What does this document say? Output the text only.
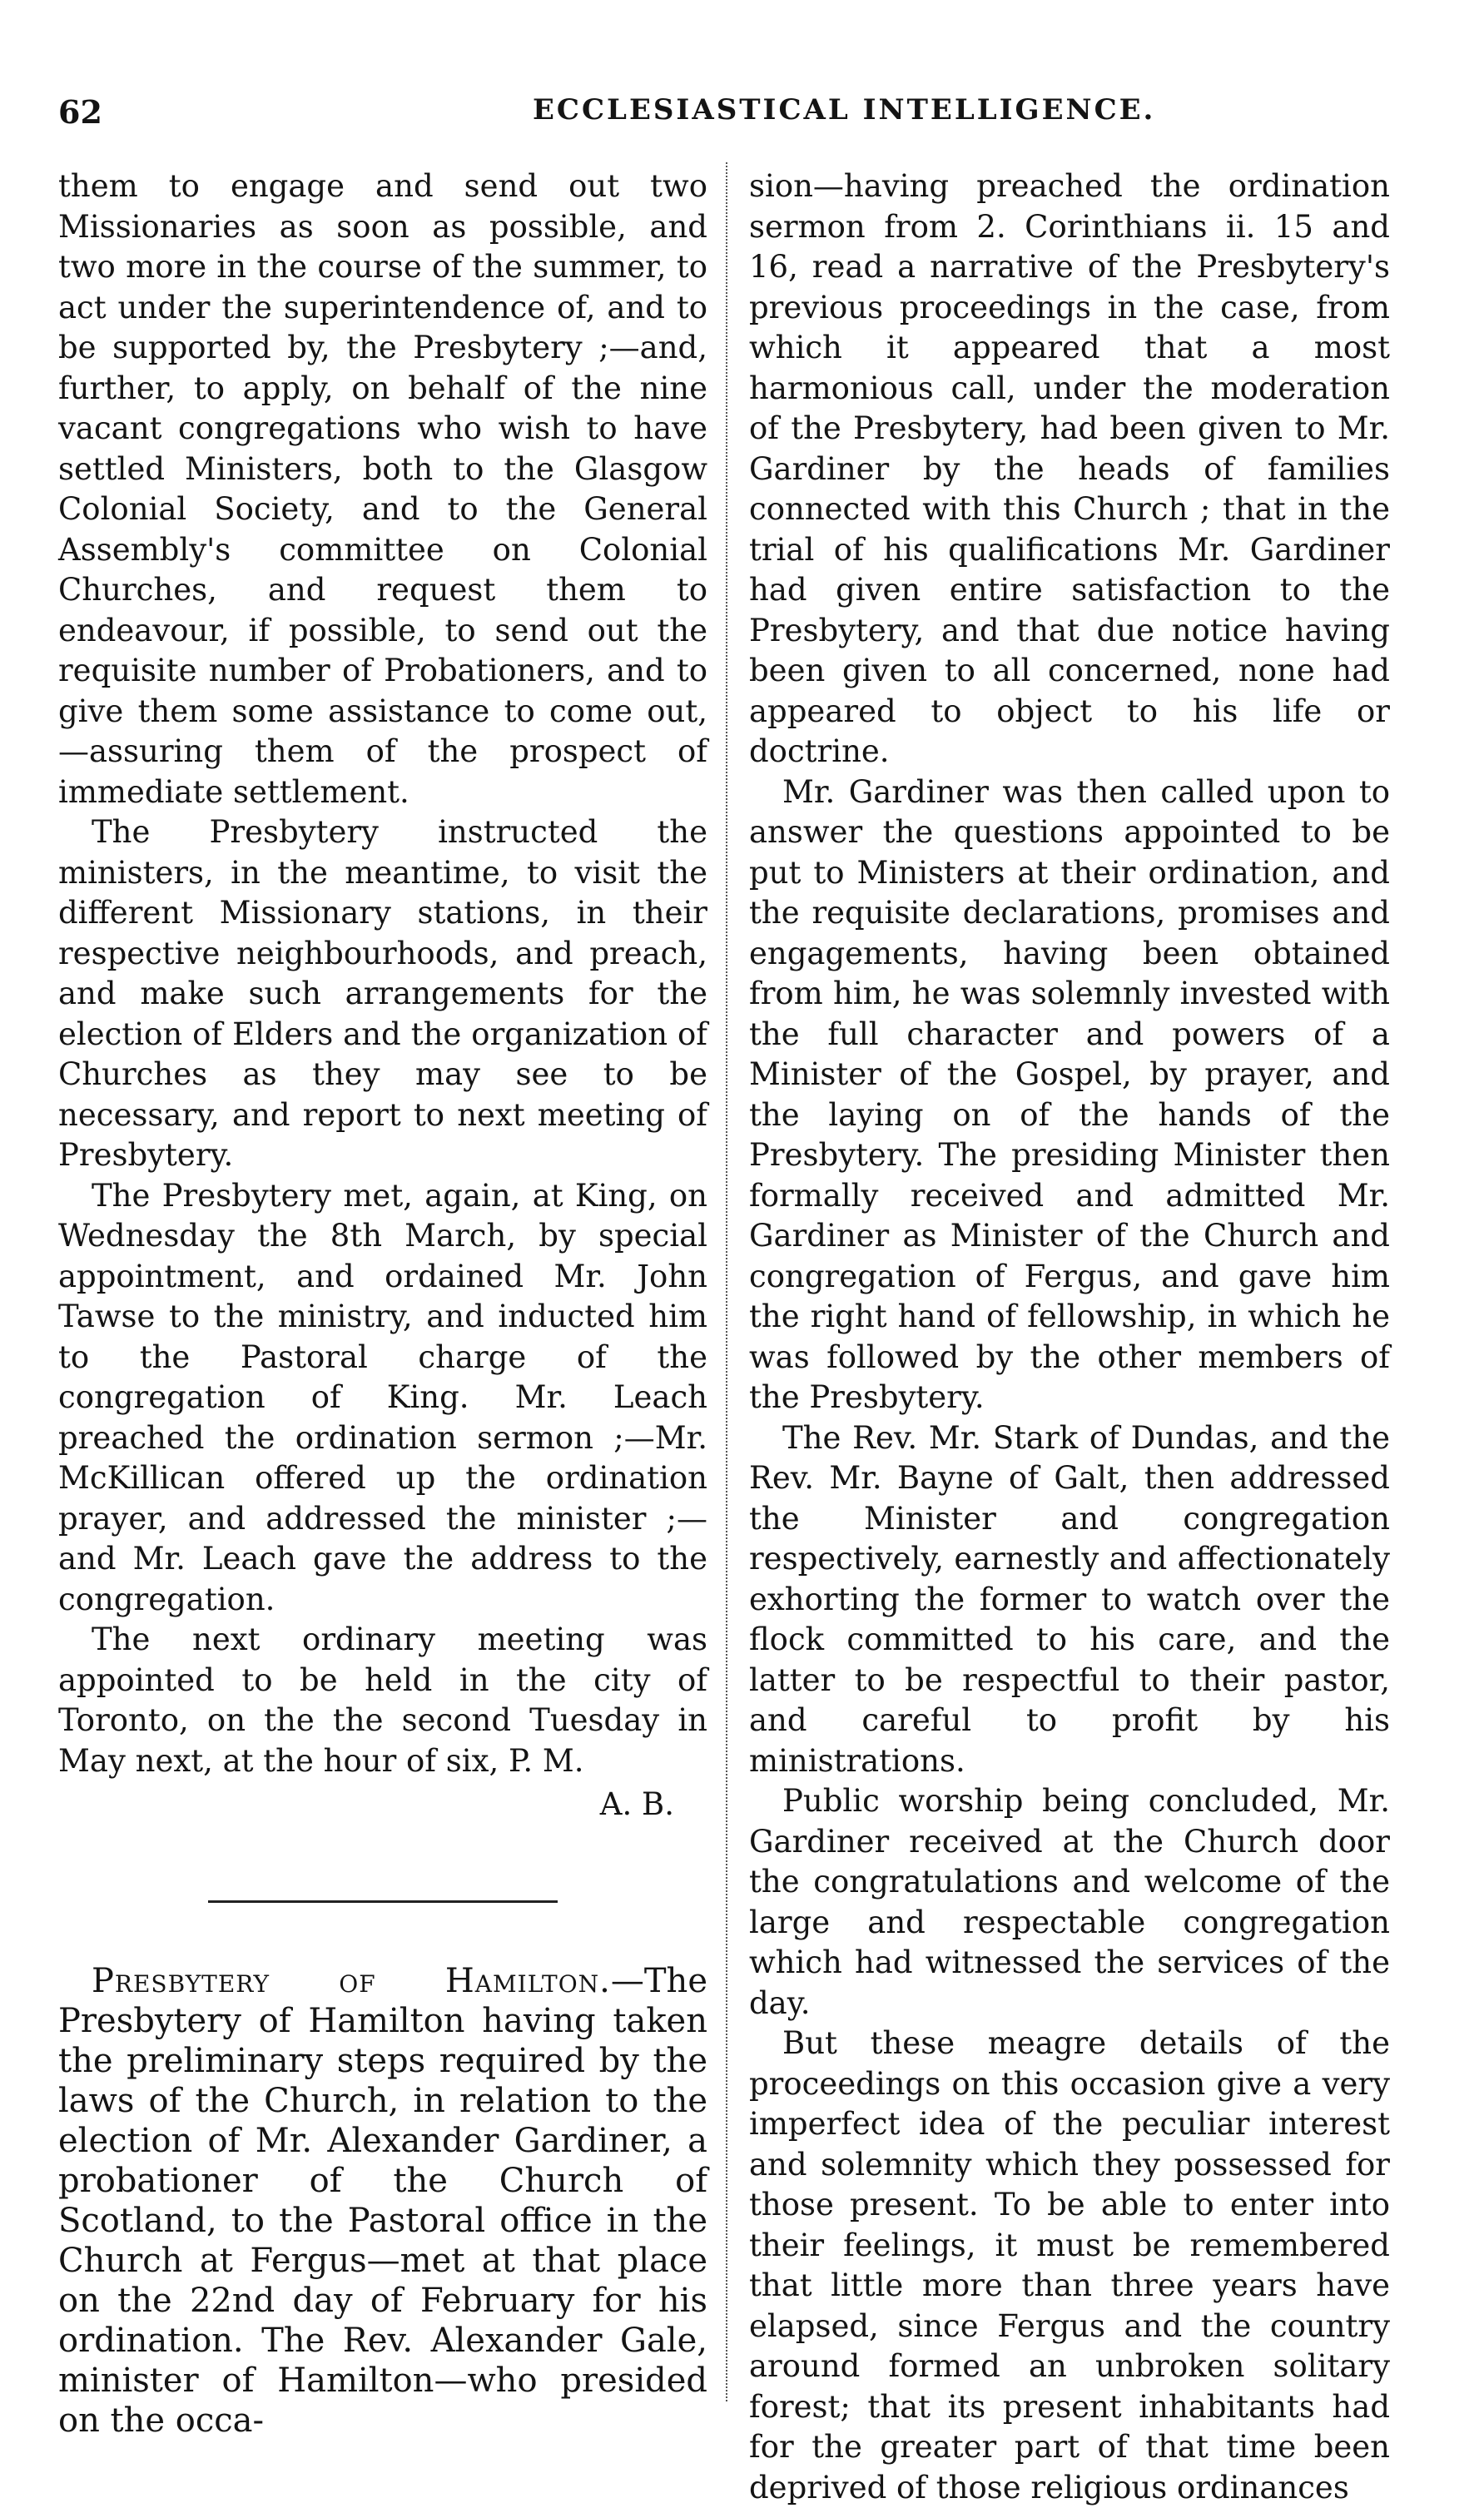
62	ECCLESIASTICAL INTELLIGENCE.

them to engage and send out two Missionaries as soon as possible, and two more in the course of the summer, to act under the superintendence of, and to be supported by, the Presbytery ;—and, further, to apply, on behalf of the nine vacant congregations who wish to have settled Ministers, both to the Glasgow Colonial Society, and to the General Assembly's committee on Colonial Churches, and request them to endeavour, if possible, to send out the requisite number of Probationers, and to give them some assistance to come out,—assuring them of the prospect of immediate settlement.

The Presbytery instructed the ministers, in the meantime, to visit the different Missionary stations, in their respective neighbourhoods, and preach, and make such arrangements for the election of Elders and the organization of Churches as they may see to be necessary, and report to next meeting of Presbytery.

The Presbytery met, again, at King, on Wednesday the 8th March, by special appointment, and ordained Mr. John Tawse to the ministry, and inducted him to the Pastoral charge of the congregation of King. Mr. Leach preached the ordination sermon ;—Mr. McKillican offered up the ordination prayer, and addressed the minister ;—and Mr. Leach gave the address to the congregation.

The next ordinary meeting was appointed to be held in the city of Toronto, on the the second Tuesday in May next, at the hour of six, P. M.

A. B.

Presbytery of Hamilton.—The Presbytery of Hamilton having taken the preliminary steps required by the laws of the Church, in relation to the election of Mr. Alexander Gardiner, a probationer of the Church of Scotland, to the Pastoral office in the Church at Fergus—met at that place on the 22nd day of February for his ordination. The Rev. Alexander Gale, minister of Hamilton—who presided on the occa-

sion—having preached the ordination sermon from 2. Corinthians ii. 15 and 16, read a narrative of the Presbytery's previous proceedings in the case, from which it appeared that a most harmonious call, under the moderation of the Presbytery, had been given to Mr. Gardiner by the heads of families connected with this Church ; that in the trial of his qualifications Mr. Gardiner had given entire satisfaction to the Presbytery, and that due notice having been given to all concerned, none had appeared to object to his life or doctrine.

Mr. Gardiner was then called upon to answer the questions appointed to be put to Ministers at their ordination, and the requisite declarations, promises and engagements, having been obtained from him, he was solemnly invested with the full character and powers of a Minister of the Gospel, by prayer, and the laying on of the hands of the Presbytery. The presiding Minister then formally received and admitted Mr. Gardiner as Minister of the Church and congregation of Fergus, and gave him the right hand of fellowship, in which he was followed by the other members of the Presbytery.

The Rev. Mr. Stark of Dundas, and the Rev. Mr. Bayne of Galt, then addressed the Minister and congregation respectively, earnestly and affectionately exhorting the former to watch over the flock committed to his care, and the latter to be respectful to their pastor, and careful to profit by his ministrations.

Public worship being concluded, Mr. Gardiner received at the Church door the congratulations and welcome of the large and respectable congregation which had witnessed the services of the day.

But these meagre details of the proceedings on this occasion give a very imperfect idea of the peculiar interest and solemnity which they possessed for those present. To be able to enter into their feelings, it must be remembered that little more than three years have elapsed, since Fergus and the country around formed an unbroken solitary forest; that its present inhabitants had for the greater part of that time been deprived of those religious ordinances
